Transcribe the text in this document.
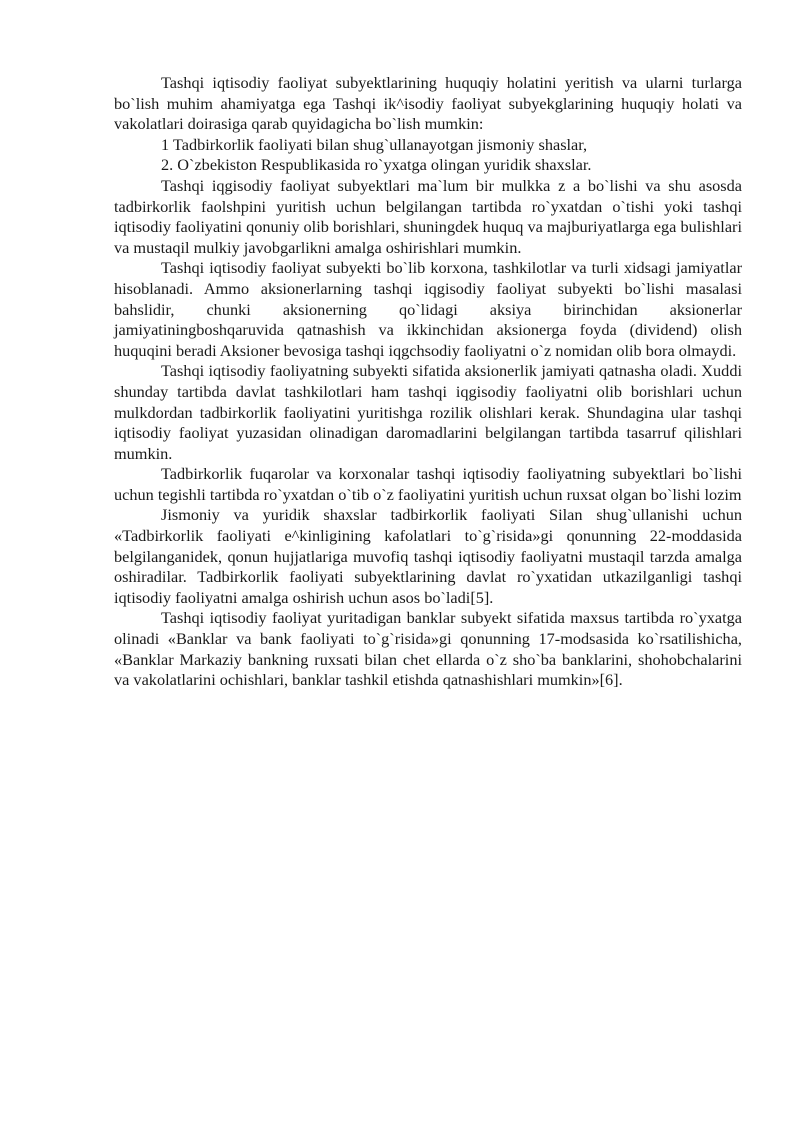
Tashqi iqtisodiy faoliyat subyektlarining huquqiy holatini yeritish va ularni turlarga bo`lish muhim ahamiyatga ega Tashqi ik^isodiy faoliyat subyekglarining huquqiy holati va vakolatlari doirasiga qarab quyidagicha bo`lish mumkin:

1 Tadbirkorlik faoliyati bilan shug`ullanayotgan jismoniy shaslar,

2. O`zbekiston Respublikasida ro`yxatga olingan yuridik shaxslar.

Tashqi iqgisodiy faoliyat subyektlari ma`lum bir mulkka z a bo`lishi va shu asosda tadbirkorlik faolshpini yuritish uchun belgilangan tartibda ro`yxatdan o`tishi yoki tashqi iqtisodiy faoliyatini qonuniy olib borishlari, shuningdek huquq va majburiyatlarga ega bulishlari va mustaqil mulkiy javobgarlikni amalga oshirishlari mumkin.

Tashqi iqtisodiy faoliyat subyekti bo`lib korxona, tashkilotlar va turli xidsagi jamiyatlar hisoblanadi. Ammo aksionerlarning tashqi iqgisodiy faoliyat subyekti bo`lishi masalasi bahslidir, chunki aksionerning qo`lidagi aksiya birinchidan aksionerlar jamiyatiningboshqaruvida qatnashish va ikkinchidan aksionerga foyda (dividend) olish huquqini beradi Aksioner bevosiga tashqi iqgchsodiy faoliyatni o`z nomidan olib bora olmaydi.

Tashqi iqtisodiy faoliyatning subyekti sifatida aksionerlik jamiyati qatnasha oladi. Xuddi shunday tartibda davlat tashkilotlari ham tashqi iqgisodiy faoliyatni olib borishlari uchun mulkdordan tadbirkorlik faoliyatini yuritishga rozilik olishlari kerak. Shundagina ular tashqi iqtisodiy faoliyat yuzasidan olinadigan daromadlarini belgilangan tartibda tasarruf qilishlari mumkin.

Tadbirkorlik fuqarolar va korxonalar tashqi iqtisodiy faoliyatning subyektlari bo`lishi uchun tegishli tartibda ro`yxatdan o`tib o`z faoliyatini yuritish uchun ruxsat olgan bo`lishi lozim

Jismoniy va yuridik shaxslar tadbirkorlik faoliyati Silan shug`ullanishi uchun «Tadbirkorlik faoliyati e^kinligining kafolatlari to`g`risida»gi qonunning 22-moddasida belgilanganidek, qonun hujjatlariga muvofiq tashqi iqtisodiy faoliyatni mustaqil tarzda amalga oshiradilar. Tadbirkorlik faoliyati subyektlarining davlat ro`yxatidan utkazilganligi tashqi iqtisodiy faoliyatni amalga oshirish uchun asos bo`ladi[5].

Tashqi iqtisodiy faoliyat yuritadigan banklar subyekt sifatida maxsus tartibda ro`yxatga olinadi «Banklar va bank faoliyati to`g`risida»gi qonunning 17-modsasida ko`rsatilishicha, «Banklar Markaziy bankning ruxsati bilan chet ellarda o`z sho`ba banklarini, shohobchalarini va vakolatlarini ochishlari, banklar tashkil etishda qatnashishlari mumkin»[6].
